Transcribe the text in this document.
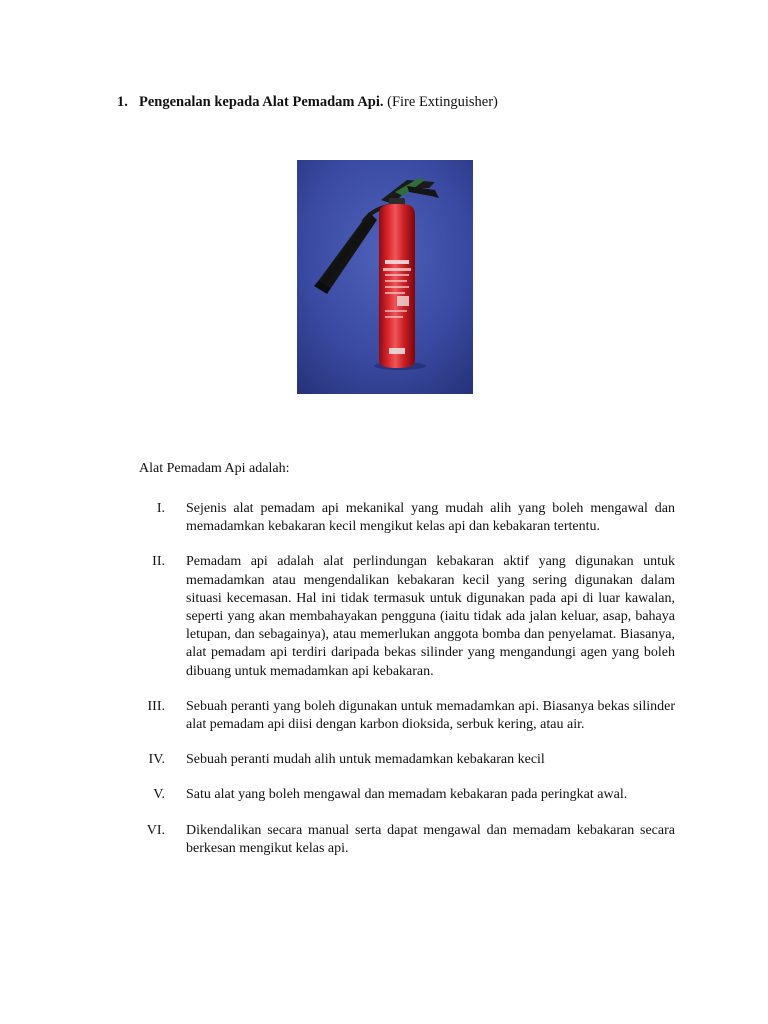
1. Pengenalan kepada Alat Pemadam Api. (Fire Extinguisher)
Alat Pemadam Api adalah:
I. Sejenis alat pemadam api mekanikal yang mudah alih yang boleh mengawal dan memadamkan kebakaran kecil mengikut kelas api dan kebakaran tertentu.
II. Pemadam api adalah alat perlindungan kebakaran aktif yang digunakan untuk memadamkan atau mengendalikan kebakaran kecil yang sering digunakan dalam situasi kecemasan. Hal ini tidak termasuk untuk digunakan pada api di luar kawalan, seperti yang akan membahayakan pengguna (iaitu tidak ada jalan keluar, asap, bahaya letupan, dan sebagainya), atau memerlukan anggota bomba dan penyelamat. Biasanya, alat pemadam api terdiri daripada bekas silinder yang mengandungi agen yang boleh dibuang untuk memadamkan api kebakaran.
III. Sebuah peranti yang boleh digunakan untuk memadamkan api. Biasanya bekas silinder alat pemadam api diisi dengan karbon dioksida, serbuk kering, atau air.
IV. Sebuah peranti mudah alih untuk memadamkan kebakaran kecil
V. Satu alat yang boleh mengawal dan memadam kebakaran pada peringkat awal.
VI. Dikendalikan secara manual serta dapat mengawal dan memadam kebakaran secara berkesan mengikut kelas api.
